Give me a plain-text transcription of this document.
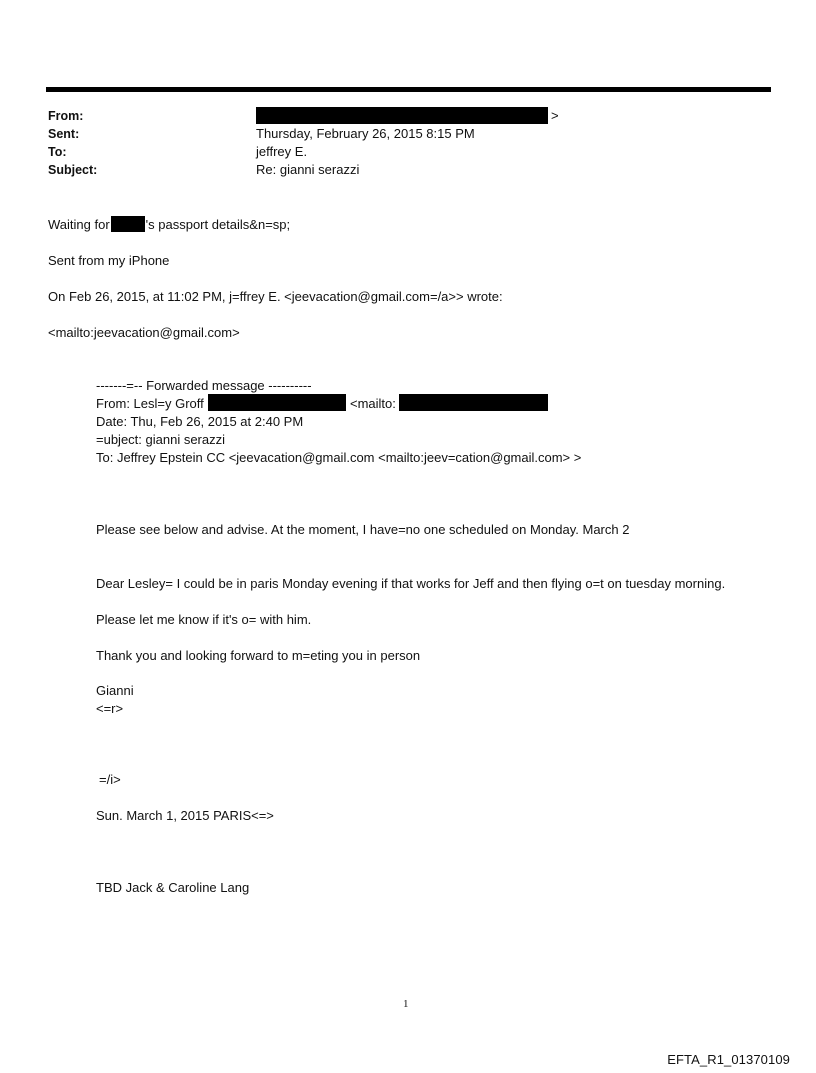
From:	>
Sent:	Thursday, February 26, 2015 8:15 PM
To:	jeffrey E.
Subject:	Re: gianni serazzi
Waiting for	's passport details&n=sp;
Sent from my iPhone
On Feb 26, 2015, at 11:02 PM, j=ffrey E. <jeevacation@gmail.com=/a>> wrote:
<mailto:jeevacation@gmail.com>
-------=-- Forwarded message ----------
From: Lesl=y Groff	<mailto:
Date: Thu, Feb 26, 2015 at 2:40 PM
=ubject: gianni serazzi
To: Jeffrey Epstein CC <jeevacation@gmail.com <mailto:jeev=cation@gmail.com> >
Please see below and advise. At the moment, I have=no one scheduled on Monday. March 2
Dear Lesley= I could be in paris Monday evening if that works for Jeff and then flying o=t on tuesday morning.
Please let me know if it's o= with him.
Thank you and looking forward to m=eting you in person
Gianni
<=r>
=/i>
Sun. March 1, 2015 PARIS<=>
TBD Jack & Caroline Lang
1
EFTA_R1_01370109
